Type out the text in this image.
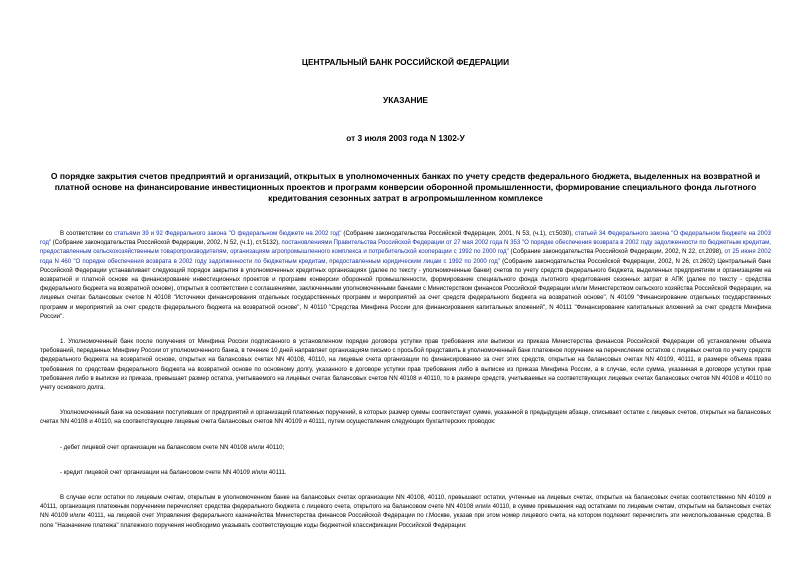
ЦЕНТРАЛЬНЫЙ БАНК РОССИЙСКОЙ ФЕДЕРАЦИИ

УКАЗАНИЕ

от 3 июля 2003 года N 1302-У

О порядке закрытия счетов предприятий и организаций, открытых в уполномоченных банках по учету средств федерального бюджета, выделенных на возвратной и платной основе на финансирование инвестиционных проектов и программ конверсии оборонной промышленности, формирование специального фонда льготного кредитования сезонных затрат в агропромышленном комплексе

В соответствии со статьями 39 и 92 Федерального закона "О федеральном бюджете на 2002 год" (Собрание законодательства Российской Федерации, 2001, N 53, (ч.1), ст.5030), статьей 34 Федерального закона "О федеральном бюджете на 2003 год" (Собрание законодательства Российской Федерации, 2002, N 52, (ч.1), ст.5132), постановлениями Правительства Российской Федерации от 27 мая 2002 года N 353 "О порядке обеспечения возврата в 2002 году задолженности по бюджетным кредитам, предоставленным сельскохозяйственным товаропроизводителям, организациям агропромышленного комплекса и потребительской кооперации с 1992 по 2000 год" (Собрание законодательства Российской Федерации, 2002, N 22, ст.2098), от 25 июня 2002 года N 460 "О порядке обеспечения возврата в 2002 году задолженности по бюджетным кредитам, предоставленным юридическим лицам с 1992 по 2000 год" (Собрание законодательства Российской Федерации, 2002, N 26, ст.2602) Центральный банк Российской Федерации устанавливает следующий порядок закрытия в уполномоченных кредитных организациях (далее по тексту - уполномоченные банки) счетов по учету средств федерального бюджета, выделенных предприятиям и организациям на возвратной и платной основе на финансирование инвестиционных проектов и программ конверсии оборонной промышленности, формирование специального фонда льготного кредитования сезонных затрат в АПК (далее по тексту - средства федерального бюджета на возвратной основе), открытых в соответствии с соглашениями, заключенными уполномоченными банками с Министерством финансов Российской Федерации и/или Министерством сельского хозяйства Российской Федерации, на лицевых счетах балансовых счетов N 40108 "Источники финансирования отдельных государственных программ и мероприятий за счет средств федерального бюджета на возвратной основе", N 40109 "Финансирование отдельных государственных программ и мероприятий за счет средств федерального бюджета на возвратной основе", N 40110 "Средства Минфина России для финансирования капитальных вложений", N 40111 "Финансирование капитальных вложений за счет средств Минфина России".

1. Уполномоченный банк после получения от Минфина России подписанного в установленном порядке договора уступки прав требования или выписки из приказа Министерства финансов Российской Федерации об установлении объема требований, переданных Минфину России от уполномоченного банка, в течение 10 дней направляет организациям письмо с просьбой представить в уполномоченный банк платежное поручение на перечисление остатков с лицевых счетов по учету средств федерального бюджета на возвратной основе, открытых на балансовых счетах NN 40108, 40110, на лицевые счета организации по финансированию за счет этих средств, открытые на балансовых счетах NN 40109, 40111, в размере объема права требования по средствам федерального бюджета на возвратной основе по основному долгу, указанного в договоре уступки прав требования либо в выписке из приказа Минфина России, а в случае, если сумма, указанная в договоре уступки прав требования либо в выписке из приказа, превышает размер остатка, учитываемого на лицевых счетах балансовых счетов NN 40108 и 40110, то в размере средств, учитываемых на соответствующих лицевых счетах балансовых счетов NN 40108 и 40110 по учету основного долга.

Уполномоченный банк на основании поступивших от предприятий и организаций платежных поручений, в которых размер суммы соответствует сумме, указанной в предыдущем абзаце, списывает остатки с лицевых счетов, открытых на балансовых счетах NN 40108 и 40110, на соответствующие лицевые счета балансовых счетов NN 40109 и 40111, путем осуществления следующих бухгалтерских проводок:

- дебет лицевой счет организации на балансовом счете NN 40108 и/или 40110;

- кредит лицевой счет организации на балансовом счете NN 40109 и/или 40111.

В случае если остатки по лицевым счетам, открытым в уполномоченном банке на балансовых счетах организации NN 40108, 40110, превышают остатки, учтенные на лицевых счетах, открытых на балансовых счетах соответственно NN 40109 и 40111, организация платежным поручением перечисляет средства федерального бюджета с лицевого счета, открытого на балансовом счете NN 40108 или/и 40110, в сумме превышения над остатками по лицевым счетам, открытым на балансовых счетах NN 40109 и/или 40111, на лицевой счет Управления федерального казначейства Министерства финансов Российской Федерации по г.Москве, указав при этом номер лицевого счета, на котором подлежит перечислить эти неиспользованные средства. В поле "Назначение платежа" платежного поручения необходимо указывать соответствующие коды бюджетной классификации Российской Федерации:
